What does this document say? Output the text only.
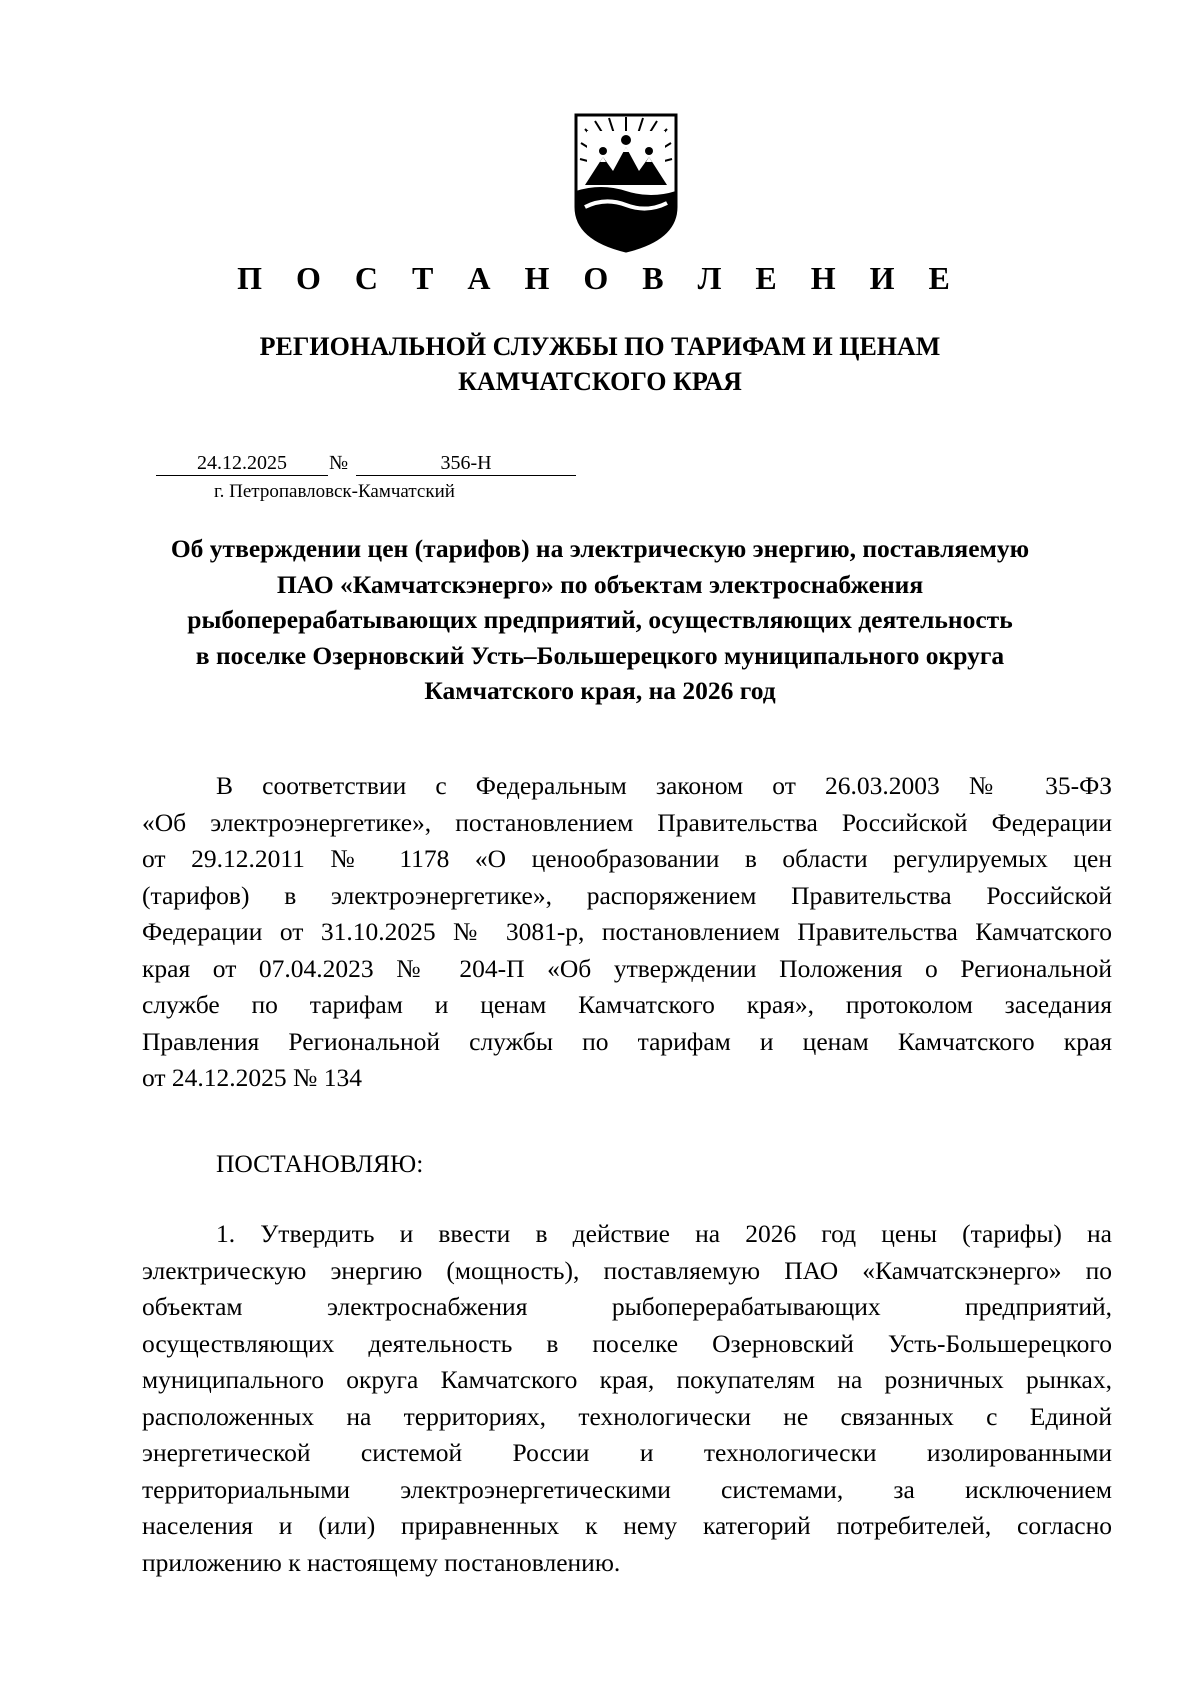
П О С Т А Н О В Л Е Н И Е
РЕГИОНАЛЬНОЙ СЛУЖБЫ ПО ТАРИФАМ И ЦЕНАМ
КАМЧАТСКОГО КРАЯ
24.12.2025	№	356-Н
г. Петропавловск-Камчатский
Об утверждении цен (тарифов) на электрическую энергию, поставляемую
ПАО «Камчатскэнерго» по объектам электроснабжения
рыбоперерабатывающих предприятий, осуществляющих деятельность
в поселке Озерновский Усть–Большерецкого муниципального округа
Камчатского края, на 2026 год
В соответствии с Федеральным законом от 26.03.2003 № 35-ФЗ
«Об электроэнергетике», постановлением Правительства Российской Федерации
от 29.12.2011 № 1178 «О ценообразовании в области регулируемых цен
(тарифов) в электроэнергетике», распоряжением Правительства Российской
Федерации от 31.10.2025 № 3081-р, постановлением Правительства Камчатского
края от 07.04.2023 № 204-П «Об утверждении Положения о Региональной
службе по тарифам и ценам Камчатского края», протоколом заседания
Правления Региональной службы по тарифам и ценам Камчатского края
от 24.12.2025 № 134
ПОСТАНОВЛЯЮ:
1. Утвердить и ввести в действие на 2026 год цены (тарифы) на
электрическую энергию (мощность), поставляемую ПАО «Камчатскэнерго» по
объектам электроснабжения рыбоперерабатывающих предприятий,
осуществляющих деятельность в поселке Озерновский Усть-Большерецкого
муниципального округа Камчатского края, покупателям на розничных рынках,
расположенных на территориях, технологически не связанных с Единой
энергетической системой России и технологически изолированными
территориальными электроэнергетическими системами, за исключением
населения и (или) приравненных к нему категорий потребителей, согласно
приложению к настоящему постановлению.
